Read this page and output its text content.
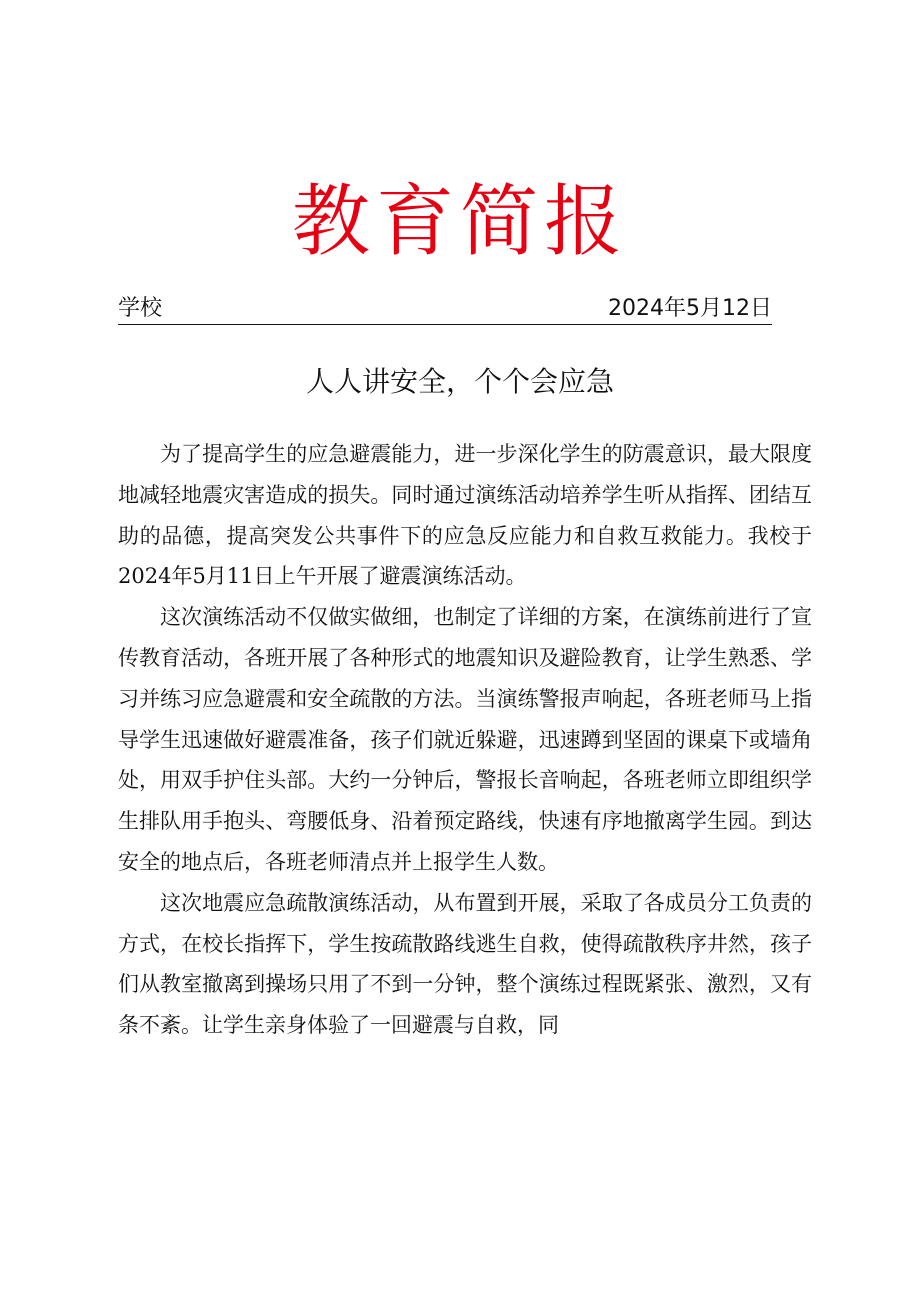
教育简报
学校	2024年5月12日
人人讲安全，个个会应急

为了提高学生的应急避震能力，进一步深化学生的防震意识，最大限度地减轻地震灾害造成的损失。同时通过演练活动培养学生听从指挥、团结互助的品德，提高突发公共事件下的应急反应能力和自救互救能力。我校于2024年5月11日上午开展了避震演练活动。

这次演练活动不仅做实做细，也制定了详细的方案，在演练前进行了宣传教育活动，各班开展了各种形式的地震知识及避险教育，让学生熟悉、学习并练习应急避震和安全疏散的方法。当演练警报声响起，各班老师马上指导学生迅速做好避震准备，孩子们就近躲避，迅速蹲到坚固的课桌下或墙角处，用双手护住头部。大约一分钟后，警报长音响起，各班老师立即组织学生排队用手抱头、弯腰低身、沿着预定路线，快速有序地撤离学生园。到达安全的地点后，各班老师清点并上报学生人数。

这次地震应急疏散演练活动，从布置到开展，采取了各成员分工负责的方式，在校长指挥下，学生按疏散路线逃生自救，使得疏散秩序井然，孩子们从教室撤离到操场只用了不到一分钟，整个演练过程既紧张、激烈，又有条不紊。让学生亲身体验了一回避震与自救，同
